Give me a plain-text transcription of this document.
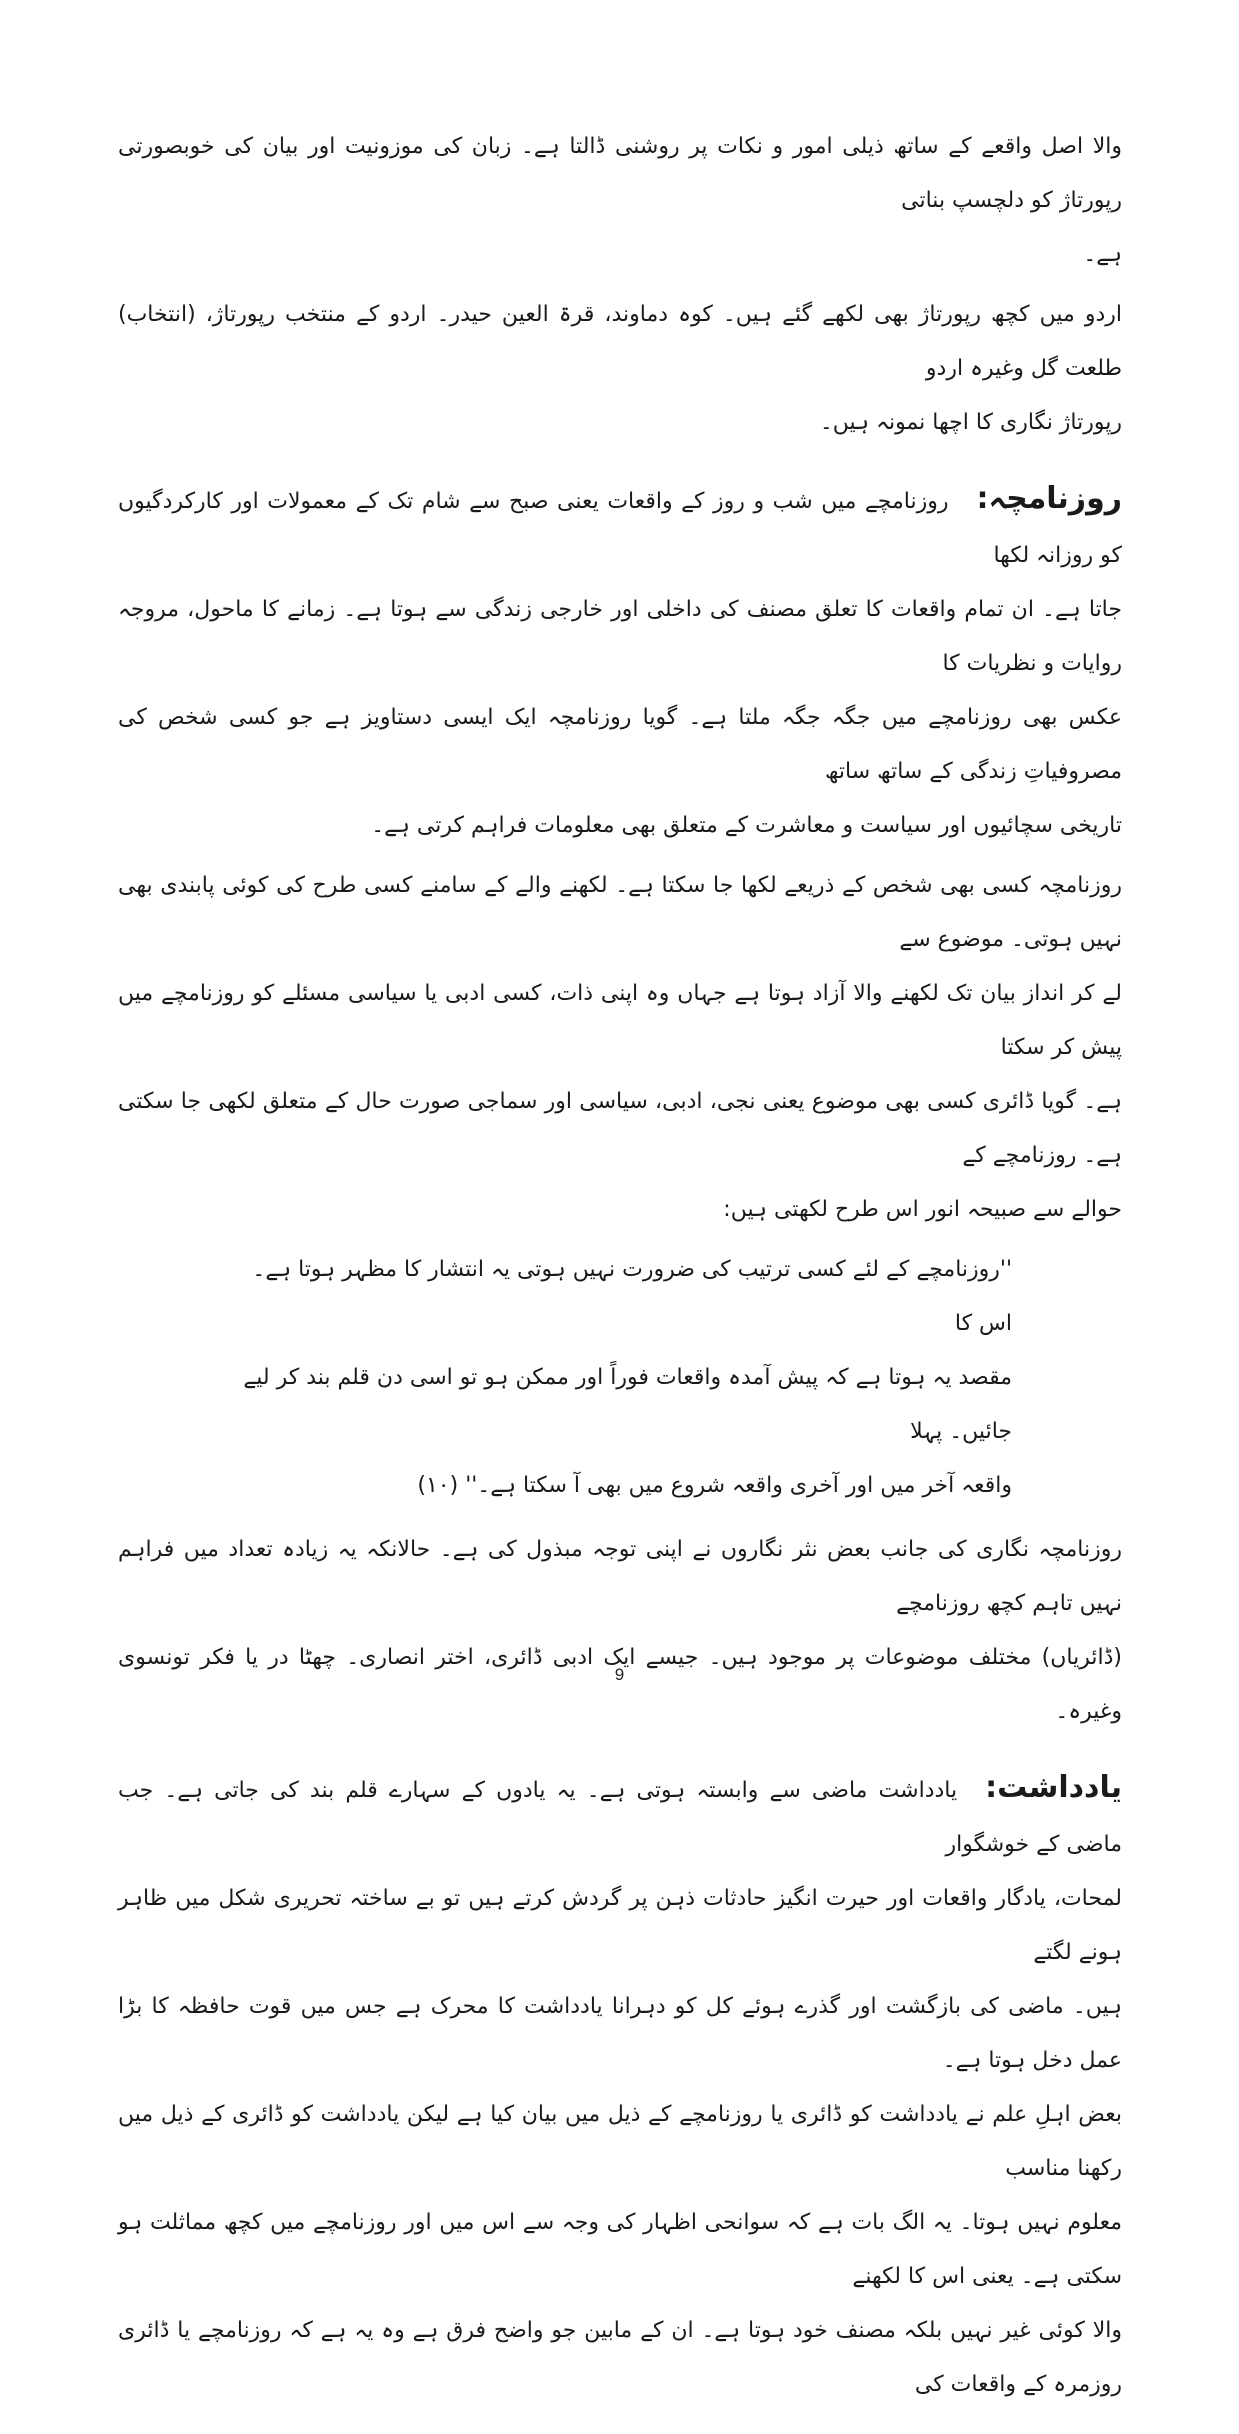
والا اصل واقعے کے ساتھ ذیلی امور و نکات پر روشنی ڈالتا ہے۔ زبان کی موزونیت اور بیان کی خوبصورتی رپورتاژ کو دلچسپ بناتی

ہے۔

اردو میں کچھ رپورتاژ بھی لکھے گئے ہیں۔ کوہ دماوند، قرۃ العین حیدر۔ اردو کے منتخب رپورتاژ، (انتخاب) طلعت گل وغیرہ اردو

رپورتاژ نگاری کا اچھا نمونہ ہیں۔

روزنامچہ:روزنامچے میں شب و روز کے واقعات یعنی صبح سے شام تک کے معمولات اور کارکردگیوں کو روزانہ لکھا

جاتا ہے۔ ان تمام واقعات کا تعلق مصنف کی داخلی اور خارجی زندگی سے ہوتا ہے۔ زمانے کا ماحول، مروجہ روایات و نظریات کا

عکس بھی روزنامچے میں جگہ جگہ ملتا ہے۔ گویا روزنامچہ ایک ایسی دستاویز ہے جو کسی شخص کی مصروفیاتِ زندگی کے ساتھ ساتھ

تاریخی سچائیوں اور سیاست و معاشرت کے متعلق بھی معلومات فراہم کرتی ہے۔

روزنامچہ کسی بھی شخص کے ذریعے لکھا جا سکتا ہے۔ لکھنے والے کے سامنے کسی طرح کی کوئی پابندی بھی نہیں ہوتی۔ موضوع سے

لے کر انداز بیان تک لکھنے والا آزاد ہوتا ہے جہاں وہ اپنی ذات، کسی ادبی یا سیاسی مسئلے کو روزنامچے میں پیش کر سکتا

ہے۔ گویا ڈائری کسی بھی موضوع یعنی نجی، ادبی، سیاسی اور سماجی صورت حال کے متعلق لکھی جا سکتی ہے۔ روزنامچے کے

حوالے سے صبیحہ انور اس طرح لکھتی ہیں:

''روزنامچے کے لئے کسی ترتیب کی ضرورت نہیں ہوتی یہ انتشار کا مظہر ہوتا ہے۔ اس کا

مقصد یہ ہوتا ہے کہ پیش آمدہ واقعات فوراً اور ممکن ہو تو اسی دن قلم بند کر لیے جائیں۔ پہلا

واقعہ آخر میں اور آخری واقعہ شروع میں بھی آ سکتا ہے۔'' (۱۰)

روزنامچہ نگاری کی جانب بعض نثر نگاروں نے اپنی توجہ مبذول کی ہے۔ حالانکہ یہ زیادہ تعداد میں فراہم نہیں تاہم کچھ روزنامچے

(ڈائریاں) مختلف موضوعات پر موجود ہیں۔ جیسے ایک ادبی ڈائری، اختر انصاری۔ چھٹا در یا فکر تونسوی وغیرہ۔

یادداشت:یادداشت ماضی سے وابستہ ہوتی ہے۔ یہ یادوں کے سہارے قلم بند کی جاتی ہے۔ جب ماضی کے خوشگوار

لمحات، یادگار واقعات اور حیرت انگیز حادثات ذہن پر گردش کرتے ہیں تو بے ساختہ تحریری شکل میں ظاہر ہونے لگتے

ہیں۔ ماضی کی بازگشت اور گذرے ہوئے کل کو دہرانا یادداشت کا محرک ہے جس میں قوت حافظہ کا بڑا عمل دخل ہوتا ہے۔

بعض اہلِ علم نے یادداشت کو ڈائری یا روزنامچے کے ذیل میں بیان کیا ہے لیکن یادداشت کو ڈائری کے ذیل میں رکھنا مناسب

معلوم نہیں ہوتا۔ یہ الگ بات ہے کہ سوانحی اظہار کی وجہ سے اس میں اور روزنامچے میں کچھ مماثلت ہو سکتی ہے۔ یعنی اس کا لکھنے

والا کوئی غیر نہیں بلکہ مصنف خود ہوتا ہے۔ ان کے مابین جو واضح فرق ہے وہ یہ ہے کہ روزنامچے یا ڈائری روزمرہ کے واقعات کی

9
